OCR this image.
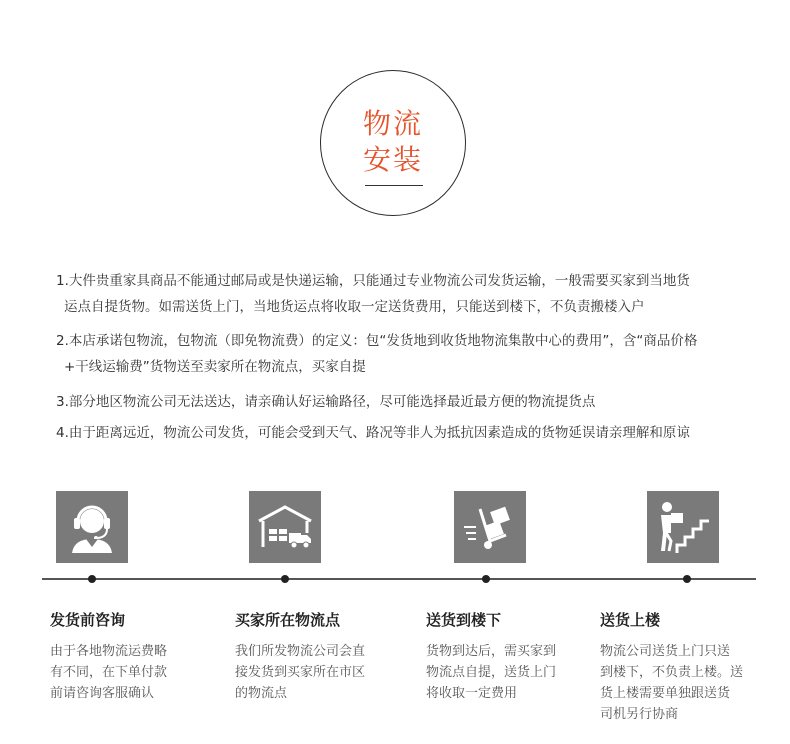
物流
安装
1.大件贵重家具商品不能通过邮局或是快递运输，只能通过专业物流公司发货运输，一般需要买家到当地货
运点自提货物。如需送货上门，当地货运点将收取一定送货费用，只能送到楼下，不负责搬楼入户
2.本店承诺包物流，包物流（即免物流费）的定义：包“发货地到收货地物流集散中心的费用”，含“商品价格
+干线运输费”货物送至卖家所在物流点，买家自提
3.部分地区物流公司无法送达，请亲确认好运输路径，尽可能选择最近最方便的物流提货点
4.由于距离远近，物流公司发货，可能会受到天气、路况等非人为抵抗因素造成的货物延误请亲理解和原谅
发货前咨询
由于各地物流运费略
有不同，在下单付款
前请咨询客服确认
买家所在物流点
我们所发物流公司会直
接发货到买家所在市区
的物流点
送货到楼下
货物到达后，需买家到
物流点自提，送货上门
将收取一定费用
送货上楼
物流公司送货上门只送
到楼下，不负责上楼。送
货上楼需要单独跟送货
司机另行协商
